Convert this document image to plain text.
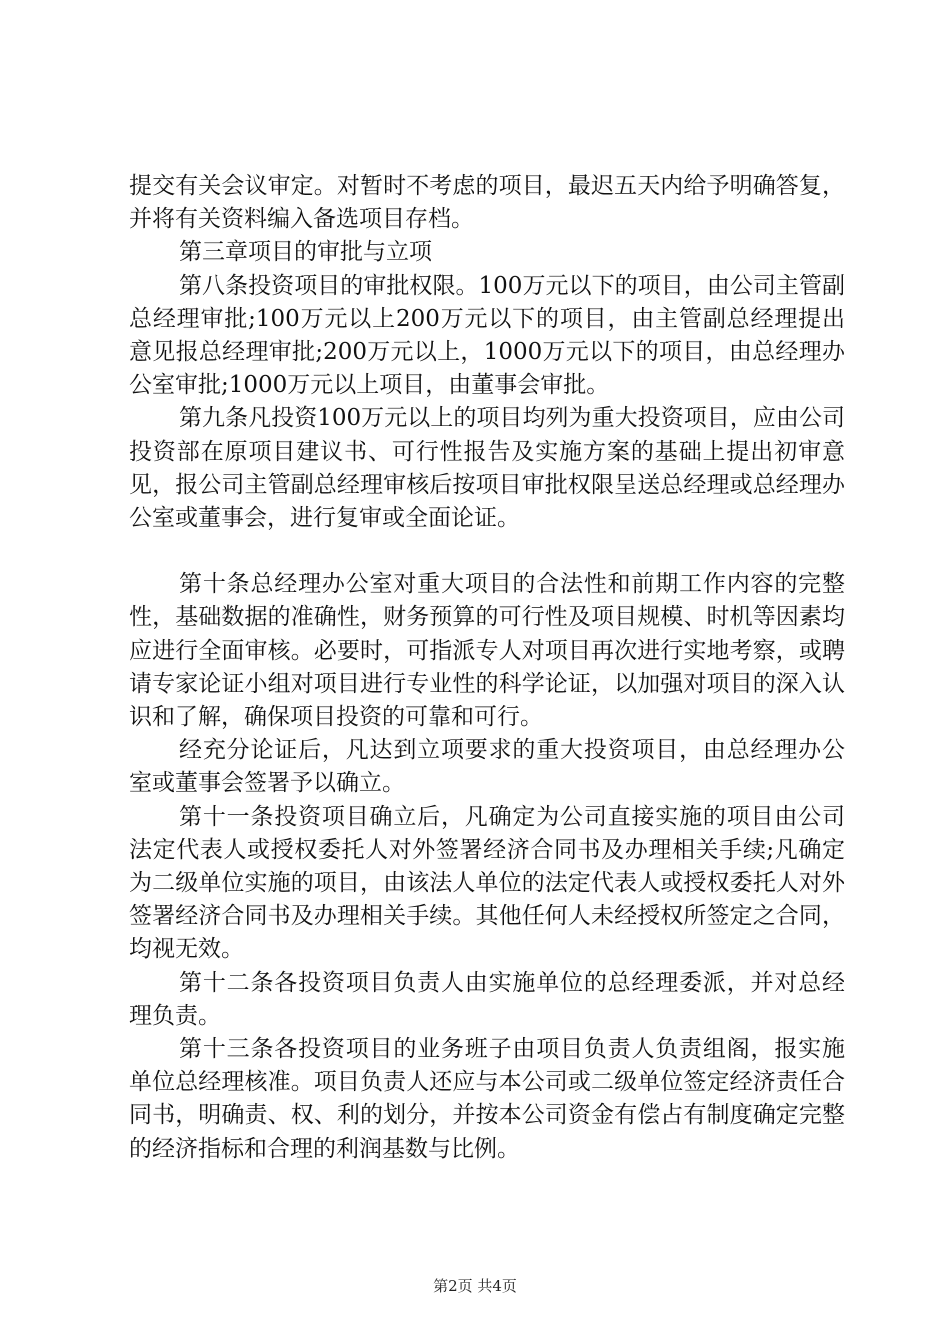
提交有关会议审定。对暂时不考虑的项目，最迟五天内给予明确答复，并将有关资料编入备选项目存档。

第三章项目的审批与立项

第八条投资项目的审批权限。100万元以下的项目，由公司主管副总经理审批;100万元以上200万元以下的项目，由主管副总经理提出意见报总经理审批;200万元以上，1000万元以下的项目，由总经理办公室审批;1000万元以上项目，由董事会审批。

第九条凡投资100万元以上的项目均列为重大投资项目，应由公司投资部在原项目建议书、可行性报告及实施方案的基础上提出初审意见，报公司主管副总经理审核后按项目审批权限呈送总经理或总经理办公室或董事会，进行复审或全面论证。

第十条总经理办公室对重大项目的合法性和前期工作内容的完整性，基础数据的准确性，财务预算的可行性及项目规模、时机等因素均应进行全面审核。必要时，可指派专人对项目再次进行实地考察，或聘请专家论证小组对项目进行专业性的科学论证，以加强对项目的深入认识和了解，确保项目投资的可靠和可行。

经充分论证后，凡达到立项要求的重大投资项目，由总经理办公室或董事会签署予以确立。

第十一条投资项目确立后，凡确定为公司直接实施的项目由公司法定代表人或授权委托人对外签署经济合同书及办理相关手续;凡确定为二级单位实施的项目，由该法人单位的法定代表人或授权委托人对外签署经济合同书及办理相关手续。其他任何人未经授权所签定之合同，均视无效。

第十二条各投资项目负责人由实施单位的总经理委派，并对总经理负责。

第十三条各投资项目的业务班子由项目负责人负责组阁，报实施单位总经理核准。项目负责人还应与本公司或二级单位签定经济责任合同书，明确责、权、利的划分，并按本公司资金有偿占有制度确定完整的经济指标和合理的利润基数与比例。

第2页 共4页
